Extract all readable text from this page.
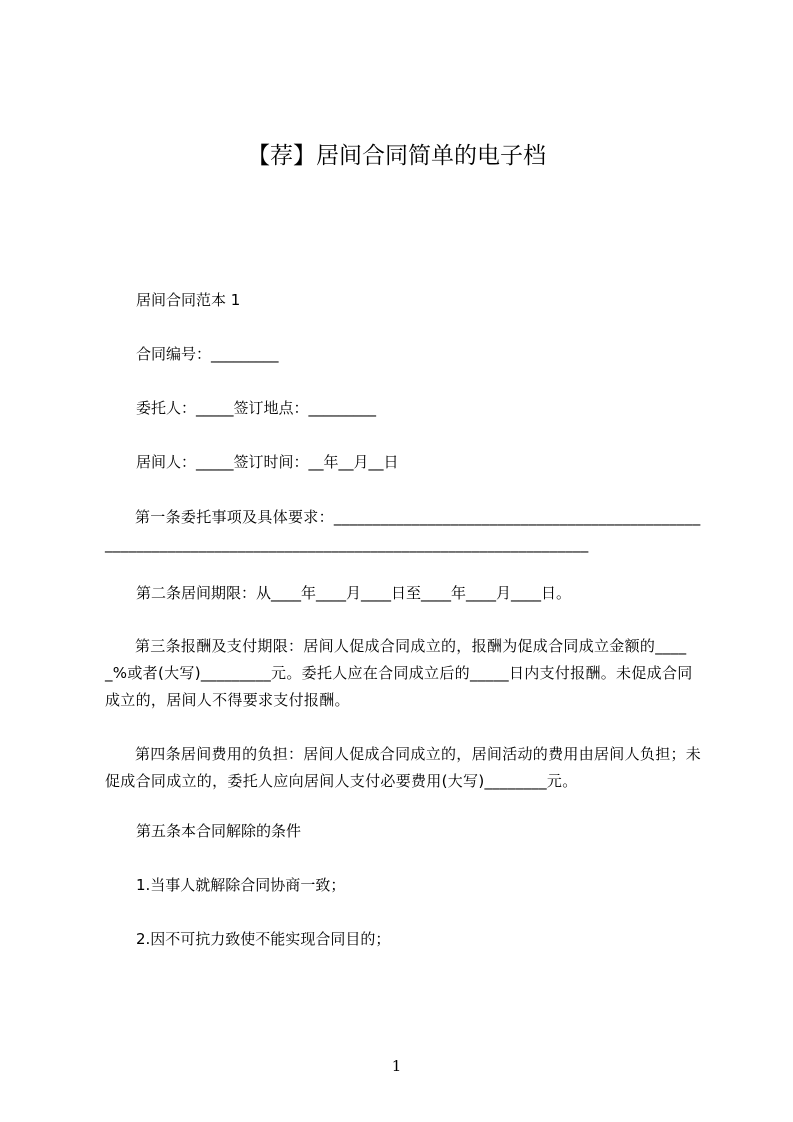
【荐】居间合同简单的电子档
居间合同范本 1
合同编号：_________
委托人：_____签订地点：_________
居间人：_____签订时间：__年__月__日
第一条委托事项及具体要求：_____________________________________________________________________________________________________________
第二条居间期限：从____年____月____日至____年____月____日。
第三条报酬及支付期限：居间人促成合同成立的，报酬为促成合同成立金额的_____%或者(大写)_________元。委托人应在合同成立后的_____日内支付报酬。未促成合同成立的，居间人不得要求支付报酬。
第四条居间费用的负担：居间人促成合同成立的，居间活动的费用由居间人负担；未促成合同成立的，委托人应向居间人支付必要费用(大写)________元。
第五条本合同解除的条件
1.当事人就解除合同协商一致；
2.因不可抗力致使不能实现合同目的；
1
